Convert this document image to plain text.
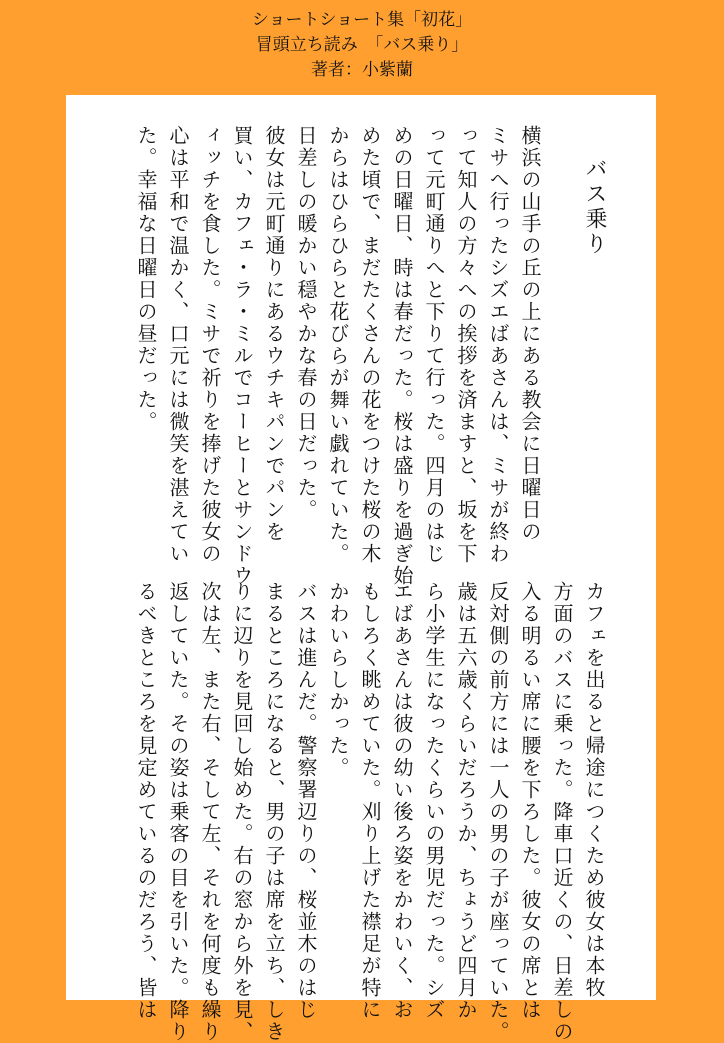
ショートショート集「初花」
冒頭立ち読み　「バス乗り」
著者：小紫蘭
バス乗り
横浜の山手の丘の上にある教会に日曜日の
ミサへ行ったシズエばあさんは、ミサが終わ
って知人の方々への挨拶を済ますと、坂を下
って元町通りへと下りて行った。四月のはじ
めの日曜日、時は春だった。桜は盛りを過ぎ始
めた頃で、まだたくさんの花をつけた桜の木
からはひらひらと花びらが舞い戯れていた。
日差しの暖かい穏やかな春の日だった。
彼女は元町通りにあるウチキパンでパンを
買い、カフェ・ラ・ミルでコーヒーとサンドウ
ィッチを食した。ミサで祈りを捧げた彼女の
心は平和で温かく、口元には微笑を湛えてい
た。幸福な日曜日の昼だった。
カフェを出ると帰途につくため彼女は本牧
方面のバスに乗った。降車口近くの、日差しの
入る明るい席に腰を下ろした。彼女の席とは
反対側の前方には一人の男の子が座っていた。
歳は五六歳くらいだろうか、ちょうど四月か
ら小学生になったくらいの男児だった。シズ
エばあさんは彼の幼い後ろ姿をかわいく、お
もしろく眺めていた。刈り上げた襟足が特に
かわいらしかった。
バスは進んだ。警察署辺りの、桜並木のはじ
まるところになると、男の子は席を立ち、しき
りに辺りを見回し始めた。右の窓から外を見、
次は左、また右、そして左、それを何度も繰り
返していた。その姿は乗客の目を引いた。降り
るべきところを見定めているのだろう、皆は
